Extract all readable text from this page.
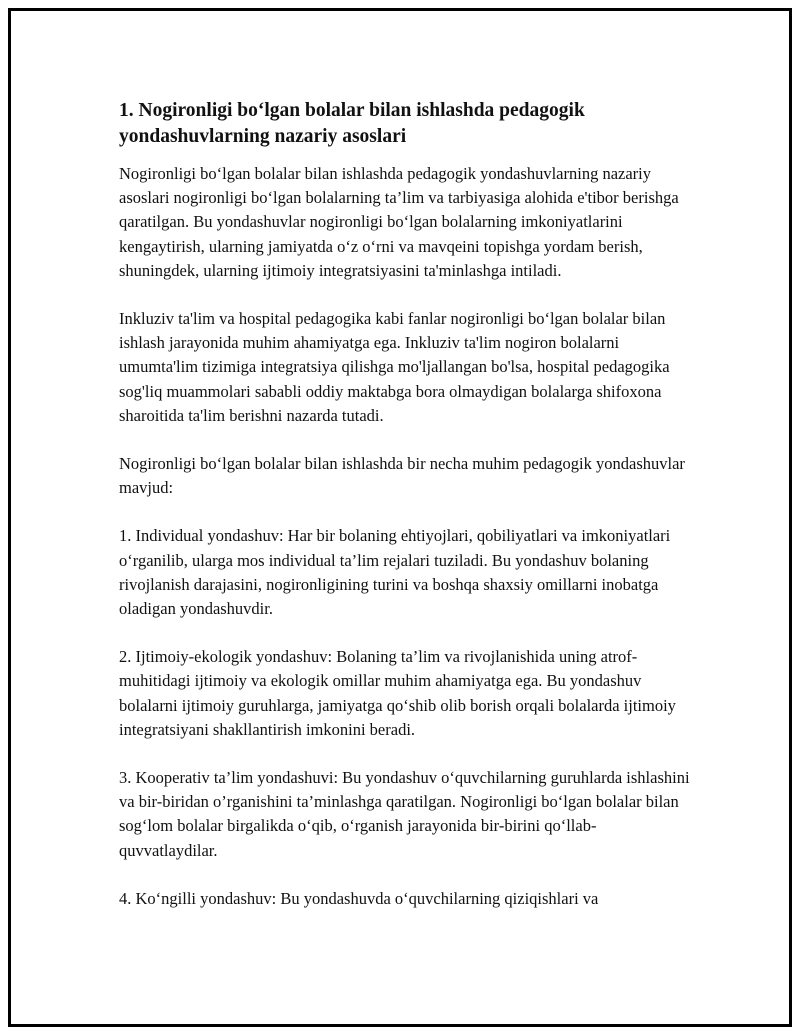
1. Nogironligi bo‘lgan bolalar bilan ishlashda pedagogik yondashuvlarning nazariy asoslari

Nogironligi bo‘lgan bolalar bilan ishlashda pedagogik yondashuvlarning nazariy asoslari nogironligi bo‘lgan bolalarning ta’lim va tarbiyasiga alohida e'tibor berishga qaratilgan. Bu yondashuvlar nogironligi bo‘lgan bolalarning imkoniyatlarini kengaytirish, ularning jamiyatda o‘z o‘rni va mavqeini topishga yordam berish, shuningdek, ularning ijtimoiy integratsiyasini ta'minlashga intiladi.

Inkluziv ta'lim va hospital pedagogika kabi fanlar nogironligi bo‘lgan bolalar bilan ishlash jarayonida muhim ahamiyatga ega. Inkluziv ta'lim nogiron bolalarni umumta'lim tizimiga integratsiya qilishga mo'ljallangan bo'lsa, hospital pedagogika sog'liq muammolari sababli oddiy maktabga bora olmaydigan bolalarga shifoxona sharoitida ta'lim berishni nazarda tutadi.

Nogironligi bo‘lgan bolalar bilan ishlashda bir necha muhim pedagogik yondashuvlar mavjud:

1. Individual yondashuv: Har bir bolaning ehtiyojlari, qobiliyatlari va imkoniyatlari o‘rganilib, ularga mos individual ta’lim rejalari tuziladi. Bu yondashuv bolaning rivojlanish darajasini, nogironligining turini va boshqa shaxsiy omillarni inobatga oladigan yondashuvdir.

2. Ijtimoiy-ekologik yondashuv: Bolaning ta’lim va rivojlanishida uning atrof-muhitidagi ijtimoiy va ekologik omillar muhim ahamiyatga ega. Bu yondashuv bolalarni ijtimoiy guruhlarga, jamiyatga qo‘shib olib borish orqali bolalarda ijtimoiy integratsiyani shakllantirish imkonini beradi.

3. Kooperativ ta’lim yondashuvi: Bu yondashuv o‘quvchilarning guruhlarda ishlashini va bir-biridan o’rganishini ta’minlashga qaratilgan. Nogironligi bo‘lgan bolalar bilan sog‘lom bolalar birgalikda o‘qib, o‘rganish jarayonida bir-birini qo‘llab-quvvatlaydilar.

4. Ko‘ngilli yondashuv: Bu yondashuvda o‘quvchilarning qiziqishlari va
